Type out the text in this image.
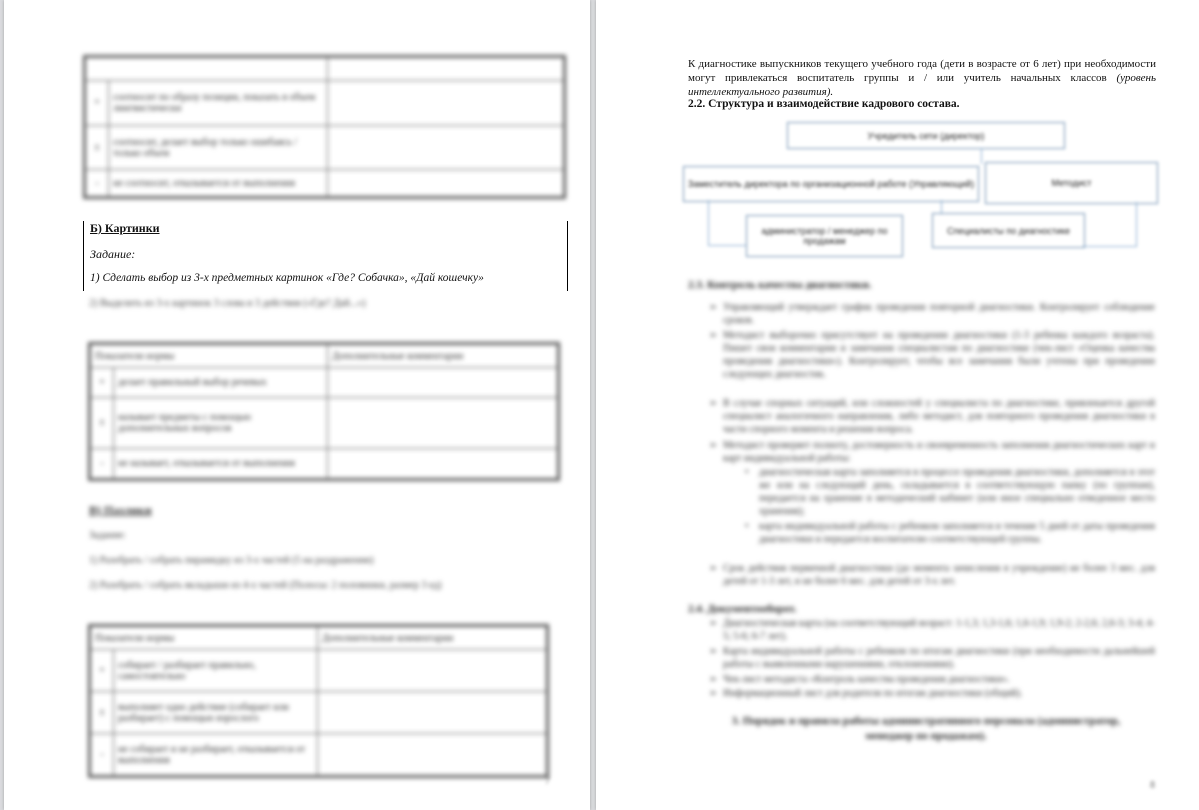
+	соотносит по образу позиции, показать в объем лингвистически	
±	соотносит, делает выбор только ошибаясь / только объем	
-	не соотносит, отказывается от выполнения	
Б) Картинки
Задание:
1) Сделать выбор из 3-х предметных картинок «Где? Собачка», «Дай кошечку»
2) Выделить из 3-х картинок 3 слова и 3 действия («Где? Дай...»)
Показатели нормы		Дополнительные комментарии
+	делает правильный выбор речевых	
±	называет предметы с помощью дополнительных вопросов	
-	не называет, отказывается от выполнения	
В) Пазлики
Задание:
1) Разобрать / собрать пирамидку из 3-х частей (5 на раздражении)
2) Разобрать / собрать вкладыши из 4-х частей (Полосы: 2 половинки, размер 3 ед)
Показатели нормы		Дополнительные комментарии
+	собирает / разбирает правильно, самостоятельно	
±	выполняет одно действие (собирает или разбирает) с помощью взрослого	
-	не собирает и не разбирает, отказывается от выполнения	
7
К диагностике выпускников текущего учебного года (дети в возрасте от 6 лет) при необходимости могут привлекаться воспитатель группы и / или учитель начальных классов (уровень интеллектуального развития).
2.2. Структура и взаимодействие кадрового состава.
Учредитель сети (директор)
Заместитель директора по организационной работе (Управляющий)	Методист
администратор / менеджер по продажам
Специалисты по диагностике
2.3. Контроль качества диагностики.
➢ Управляющий утверждает график проведения повторной диагностики. Контролирует соблюдение сроков.
➢ Методист выборочно присутствует на проведении диагностики (1-3 ребенка каждого возраста). Пишет свои комментарии и замечания специалистам по диагностике (чек-лист «Оценка качества проведения диагностики»). Контролирует, чтобы все замечания были учтены при проведении следующих диагностик.
➢ В случае спорных ситуаций, или сложностей у специалиста по диагностике, привлекается другой специалист аналогичного направления, либо методист, для повторного проведения диагностики в части спорного момента и решения вопроса.
➢ Методист проверяет полноту, достоверность и своевременность заполнения диагностических карт и карт индивидуальной работы:
• диагностическая карта заполняется в процессе проведения диагностики, дополняется в этот же или на следующий день, складывается в соответствующую папку (по группам), передается на хранение в методический кабинет (или иное специально отведенное место хранения);
• карта индивидуальной работы с ребенком заполняется в течение 5 дней от даты проведения диагностики и передается воспитателю соответствующей группы.
➢ Срок действия первичной диагностики (до момента зачисления в учреждение) не более 3 мес. для детей от 1-3 лет, и не более 6 мес. для детей от 3-х лет.
2.4. Документооборот.
➢ Диагностическая карта (на соответствующий возраст: 1-1,3; 1,3-1,6; 1,6-1,9; 1,9-2; 2-2,6; 2,6-3; 3-4; 4-5; 5-6; 6-7 лет).
➢ Карта индивидуальной работы с ребенком по итогам диагностики (при необходимости дальнейшей работы с выявленными нарушениями, отклонениями).
➢ Чек-лист методиста «Контроль качества проведения диагностики».
➢ Информационный лист для родителя по итогам диагностики (общий).
3. Порядок и правила работы административного персонала (администратор, менеджер по продажам).
8
